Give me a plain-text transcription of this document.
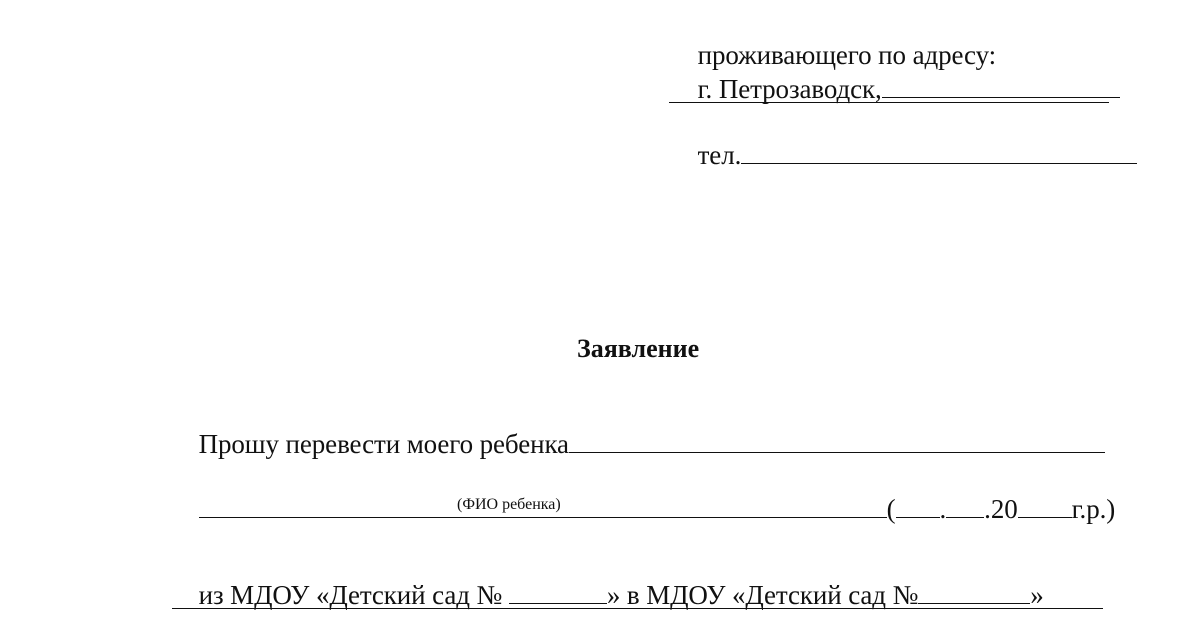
проживающего по адресу:

г. Петрозаводск,

тел.

Заявление

Прошу перевести моего ребенка

( . .20 г.р.)

(ФИО ребенка)

из МДОУ «Детский сад №	» в МДОУ «Детский сад №	»
